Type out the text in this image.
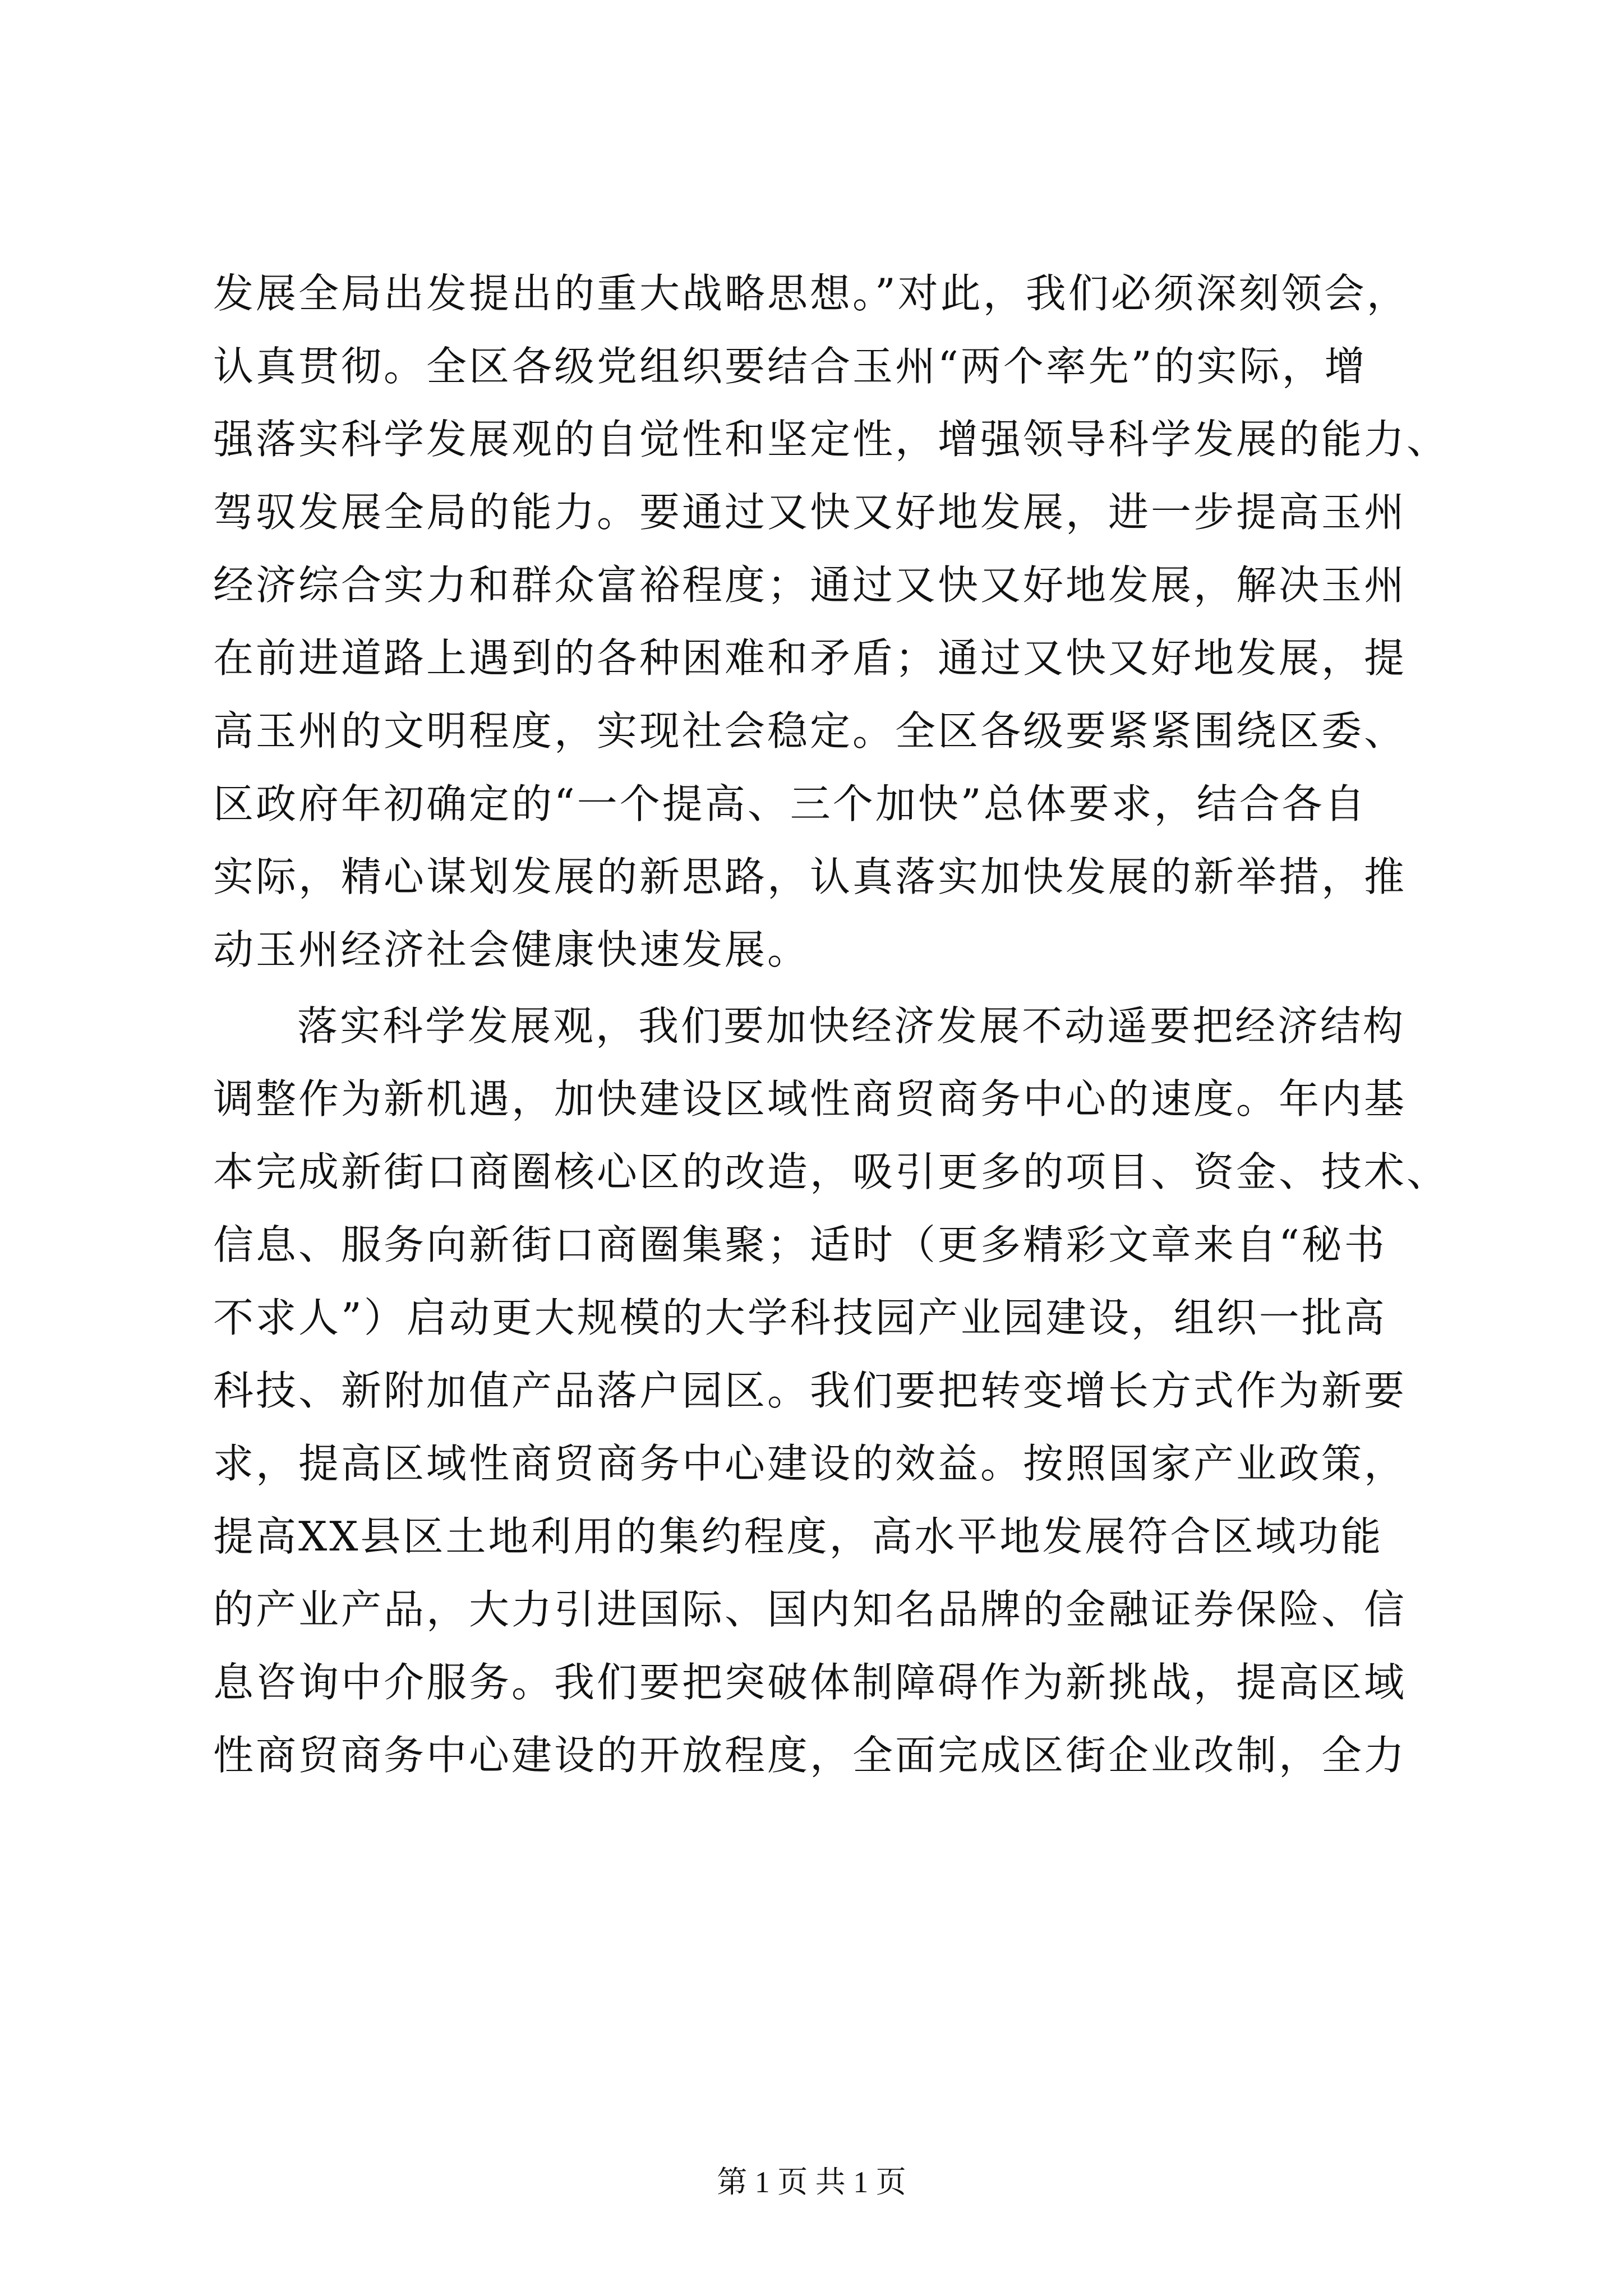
发展全局出发提出的重大战略思想。”对此，我们必须深刻领会，
认真贯彻。全区各级党组织要结合玉州“两个率先”的实际，增
强落实科学发展观的自觉性和坚定性，增强领导科学发展的能力、
驾驭发展全局的能力。要通过又快又好地发展，进一步提高玉州
经济综合实力和群众富裕程度；通过又快又好地发展，解决玉州
在前进道路上遇到的各种困难和矛盾；通过又快又好地发展，提
高玉州的文明程度，实现社会稳定。全区各级要紧紧围绕区委、
区政府年初确定的“一个提高、三个加快”总体要求，结合各自
实际，精心谋划发展的新思路，认真落实加快发展的新举措，推
动玉州经济社会健康快速发展。
落实科学发展观，我们要加快经济发展不动遥要把经济结构
调整作为新机遇，加快建设区域性商贸商务中心的速度。年内基
本完成新街口商圈核心区的改造，吸引更多的项目、资金、技术、
信息、服务向新街口商圈集聚；适时（更多精彩文章来自“秘书
不求人”）启动更大规模的大学科技园产业园建设，组织一批高
科技、新附加值产品落户园区。我们要把转变增长方式作为新要
求，提高区域性商贸商务中心建设的效益。按照国家产业政策，
提高XX县区土地利用的集约程度，高水平地发展符合区域功能
的产业产品，大力引进国际、国内知名品牌的金融证券保险、信
息咨询中介服务。我们要把突破体制障碍作为新挑战，提高区域
性商贸商务中心建设的开放程度，全面完成区街企业改制，全力
第 1 页 共 1 页
